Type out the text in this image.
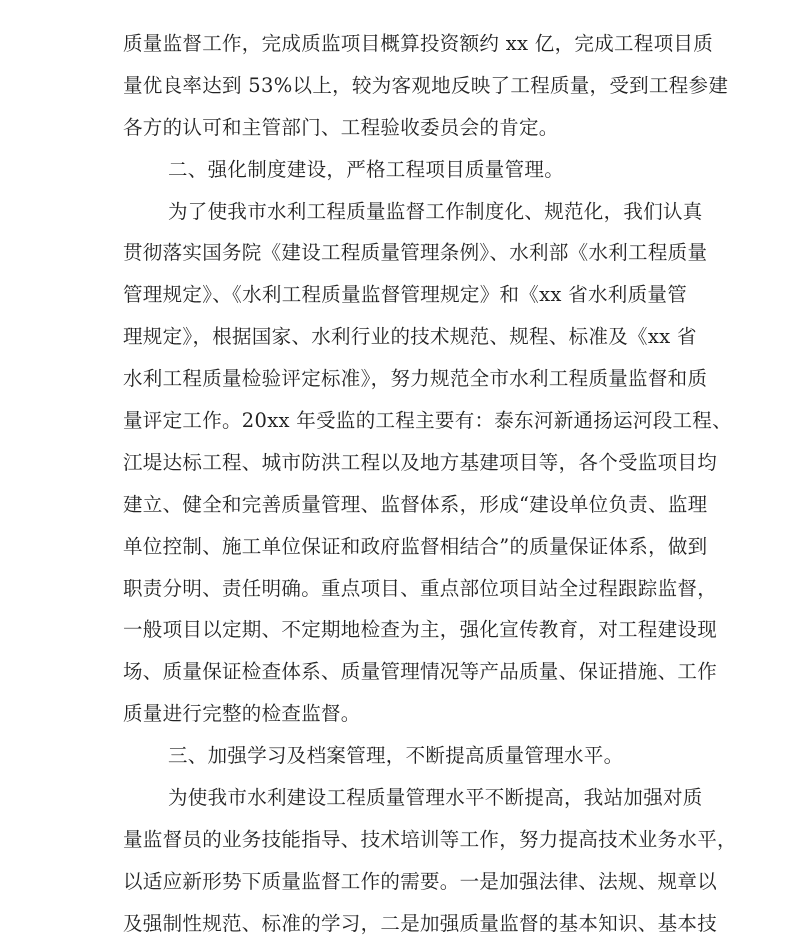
质量监督工作，完成质监项目概算投资额约 xx 亿，完成工程项目质
量优良率达到 53%以上，较为客观地反映了工程质量，受到工程参建
各方的认可和主管部门、工程验收委员会的肯定。
二、强化制度建设，严格工程项目质量管理。
为了使我市水利工程质量监督工作制度化、规范化，我们认真
贯彻落实国务院《建设工程质量管理条例》、水利部《水利工程质量
管理规定》、《水利工程质量监督管理规定》和《xx 省水利质量管
理规定》，根据国家、水利行业的技术规范、规程、标准及《xx 省
水利工程质量检验评定标准》，努力规范全市水利工程质量监督和质
量评定工作。20xx 年受监的工程主要有：泰东河新通扬运河段工程、
江堤达标工程、城市防洪工程以及地方基建项目等，各个受监项目均
建立、健全和完善质量管理、监督体系，形成“建设单位负责、监理
单位控制、施工单位保证和政府监督相结合”的质量保证体系，做到
职责分明、责任明确。重点项目、重点部位项目站全过程跟踪监督，
一般项目以定期、不定期地检查为主，强化宣传教育，对工程建设现
场、质量保证检查体系、质量管理情况等产品质量、保证措施、工作
质量进行完整的检查监督。
三、加强学习及档案管理，不断提高质量管理水平。
为使我市水利建设工程质量管理水平不断提高，我站加强对质
量监督员的业务技能指导、技术培训等工作，努力提高技术业务水平，
以适应新形势下质量监督工作的需要。一是加强法律、法规、规章以
及强制性规范、标准的学习，二是加强质量监督的基本知识、基本技
